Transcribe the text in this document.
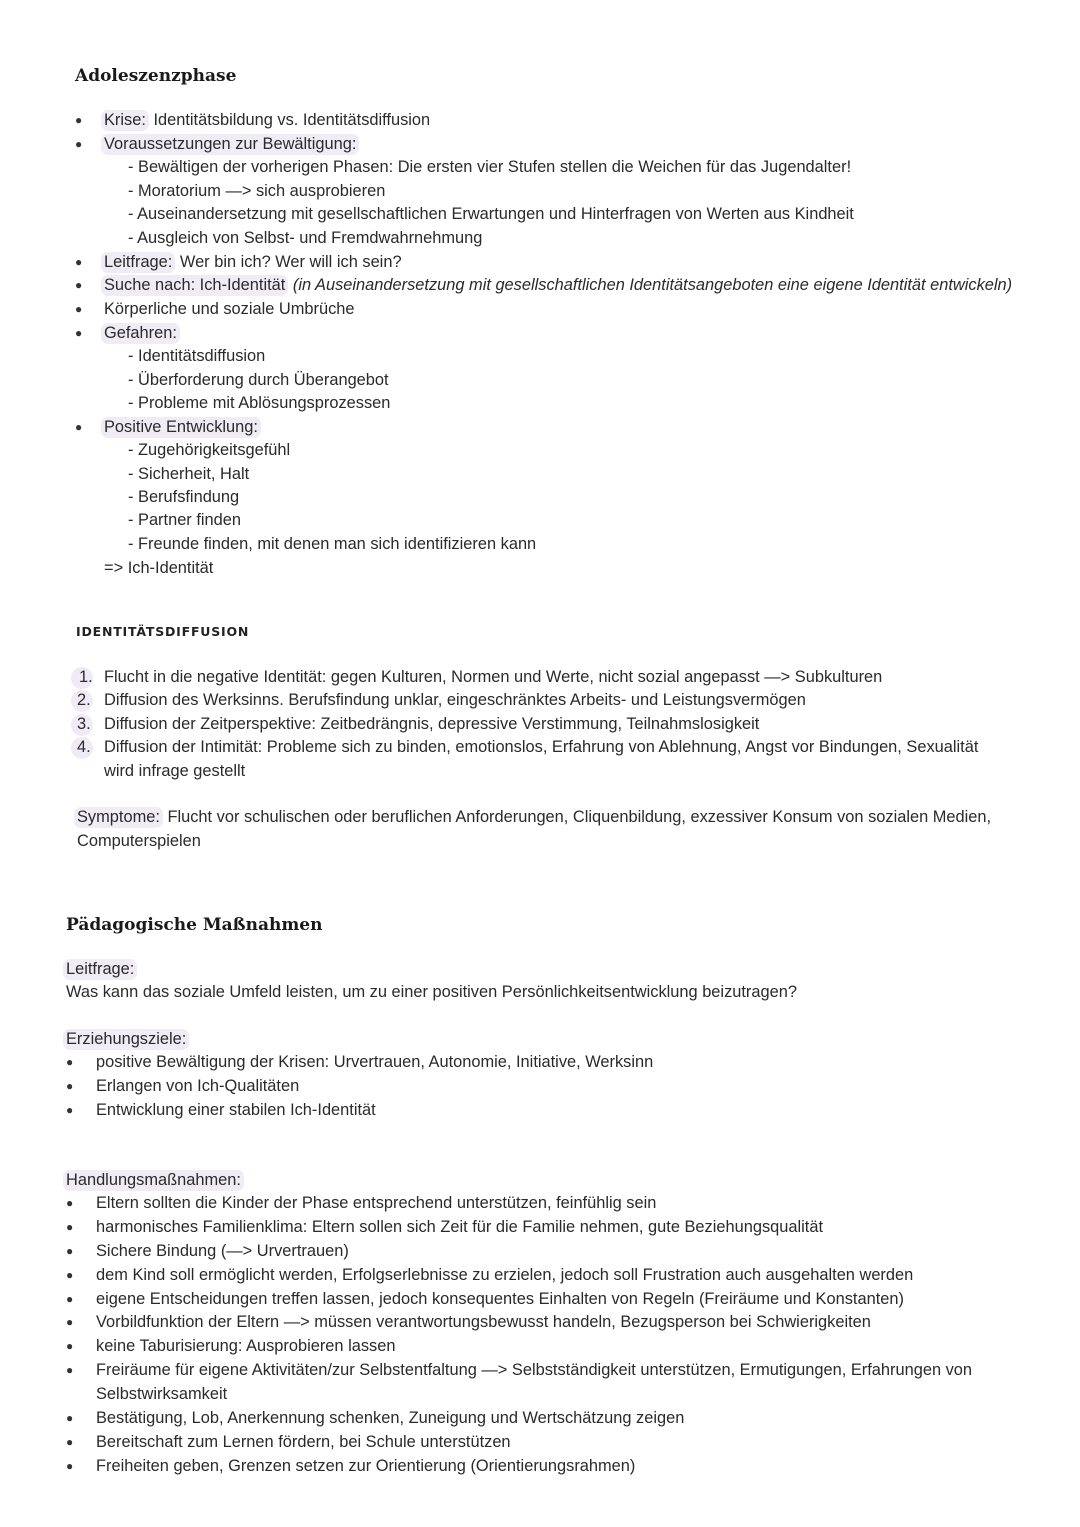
Adoleszenzphase
● Krise: Identitätsbildung vs. Identitätsdiffusion
● Voraussetzungen zur Bewältigung:
- Bewältigen der vorherigen Phasen: Die ersten vier Stufen stellen die Weichen für das Jugendalter!
- Moratorium —> sich ausprobieren
- Auseinandersetzung mit gesellschaftlichen Erwartungen und Hinterfragen von Werten aus Kindheit
- Ausgleich von Selbst- und Fremdwahrnehmung
● Leitfrage: Wer bin ich? Wer will ich sein?
● Suche nach: Ich-Identität (in Auseinandersetzung mit gesellschaftlichen Identitätsangeboten eine eigene Identität entwickeln)
● Körperliche und soziale Umbrüche
● Gefahren:
- Identitätsdiffusion
- Überforderung durch Überangebot
- Probleme mit Ablösungsprozessen
● Positive Entwicklung:
- Zugehörigkeitsgefühl
- Sicherheit, Halt
- Berufsfindung
- Partner finden
- Freunde finden, mit denen man sich identifizieren kann
=> Ich-Identität
IDENTITÄTSDIFFUSION
1. Flucht in die negative Identität: gegen Kulturen, Normen und Werte, nicht sozial angepasst —> Subkulturen
2. Diffusion des Werksinns. Berufsfindung unklar, eingeschränktes Arbeits- und Leistungsvermögen
3. Diffusion der Zeitperspektive: Zeitbedrängnis, depressive Verstimmung, Teilnahmslosigkeit
4. Diffusion der Intimität: Probleme sich zu binden, emotionslos, Erfahrung von Ablehnung, Angst vor Bindungen, Sexualität
wird infrage gestellt
Symptome: Flucht vor schulischen oder beruflichen Anforderungen, Cliquenbildung, exzessiver Konsum von sozialen Medien,
Computerspielen
Pädagogische Maßnahmen
Leitfrage:
Was kann das soziale Umfeld leisten, um zu einer positiven Persönlichkeitsentwicklung beizutragen?
Erziehungsziele:
● positive Bewältigung der Krisen: Urvertrauen, Autonomie, Initiative, Werksinn
● Erlangen von Ich-Qualitäten
● Entwicklung einer stabilen Ich-Identität
Handlungsmaßnahmen:
● Eltern sollten die Kinder der Phase entsprechend unterstützen, feinfühlig sein
● harmonisches Familienklima: Eltern sollen sich Zeit für die Familie nehmen, gute Beziehungsqualität
● Sichere Bindung (—> Urvertrauen)
● dem Kind soll ermöglicht werden, Erfolgserlebnisse zu erzielen, jedoch soll Frustration auch ausgehalten werden
● eigene Entscheidungen treffen lassen, jedoch konsequentes Einhalten von Regeln (Freiräume und Konstanten)
● Vorbildfunktion der Eltern —> müssen verantwortungsbewusst handeln, Bezugsperson bei Schwierigkeiten
● keine Taburisierung: Ausprobieren lassen
● Freiräume für eigene Aktivitäten/zur Selbstentfaltung —> Selbstständigkeit unterstützen, Ermutigungen, Erfahrungen von
Selbstwirksamkeit
● Bestätigung, Lob, Anerkennung schenken, Zuneigung und Wertschätzung zeigen
● Bereitschaft zum Lernen fördern, bei Schule unterstützen
● Freiheiten geben, Grenzen setzen zur Orientierung (Orientierungsrahmen)
